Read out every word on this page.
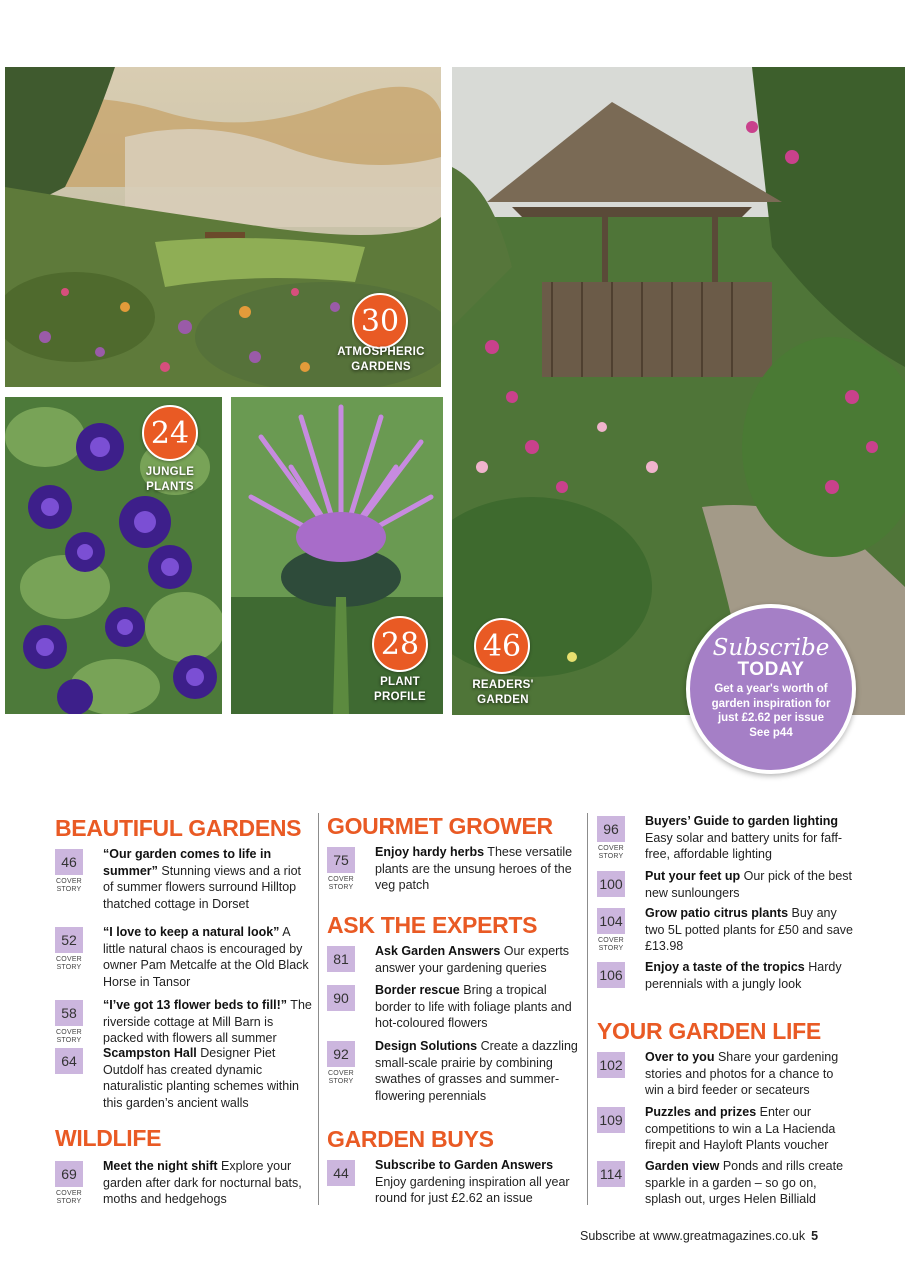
30
ATMOSPHERIC
GARDENS
24
JUNGLE
PLANTS
28
PLANT
PROFILE
46
READERS'
GARDEN
Subscribe
TODAY
Get a year's worth of garden inspiration for just £2.62 per issue
See p44
BEAUTIFUL GARDENS
46
COVER
STORY
“Our garden comes to life in summer” Stunning views and a riot of summer flowers surround Hilltop thatched cottage in Dorset
52
COVER
STORY
“I love to keep a natural look” A little natural chaos is encouraged by owner Pam Metcalfe at the Old Black Horse in Tansor
58
COVER
STORY
“I’ve got 13 flower beds to fill!” The riverside cottage at Mill Barn is packed with flowers all summer
64	Scampston Hall Designer Piet Outdolf has created dynamic naturalistic planting schemes within this garden’s ancient walls
WILDLIFE
69
COVER
STORY
Meet the night shift Explore your garden after dark for nocturnal bats, moths and hedgehogs
GOURMET GROWER
75
COVER
STORY
Enjoy hardy herbs These versatile plants are the unsung heroes of the veg patch
ASK THE EXPERTS
81	Ask Garden Answers Our experts answer your gardening queries
90	Border rescue Bring a tropical border to life with foliage plants and hot-coloured flowers
92
COVER
STORY
Design Solutions Create a dazzling small-scale prairie by combining swathes of grasses and summer-flowering perennials
GARDEN BUYS
44	Subscribe to Garden Answers Enjoy gardening inspiration all year round for just £2.62 an issue
96
COVER
STORY
Buyers’ Guide to garden lighting Easy solar and battery units for faff-free, affordable lighting
100 Put your feet up Our pick of the best new sunloungers
104
COVER
STORY
Grow patio citrus plants Buy any two 5L potted plants for £50 and save £13.98
106 Enjoy a taste of the tropics Hardy perennials with a jungly look
YOUR GARDEN LIFE
102 Over to you Share your gardening stories and photos for a chance to win a bird feeder or secateurs
109 Puzzles and prizes Enter our competitions to win a La Hacienda firepit and Hayloft Plants voucher
114 Garden view Ponds and rills create sparkle in a garden – so go on, splash out, urges Helen Billiald
Subscribe at www.greatmagazines.co.uk 5
